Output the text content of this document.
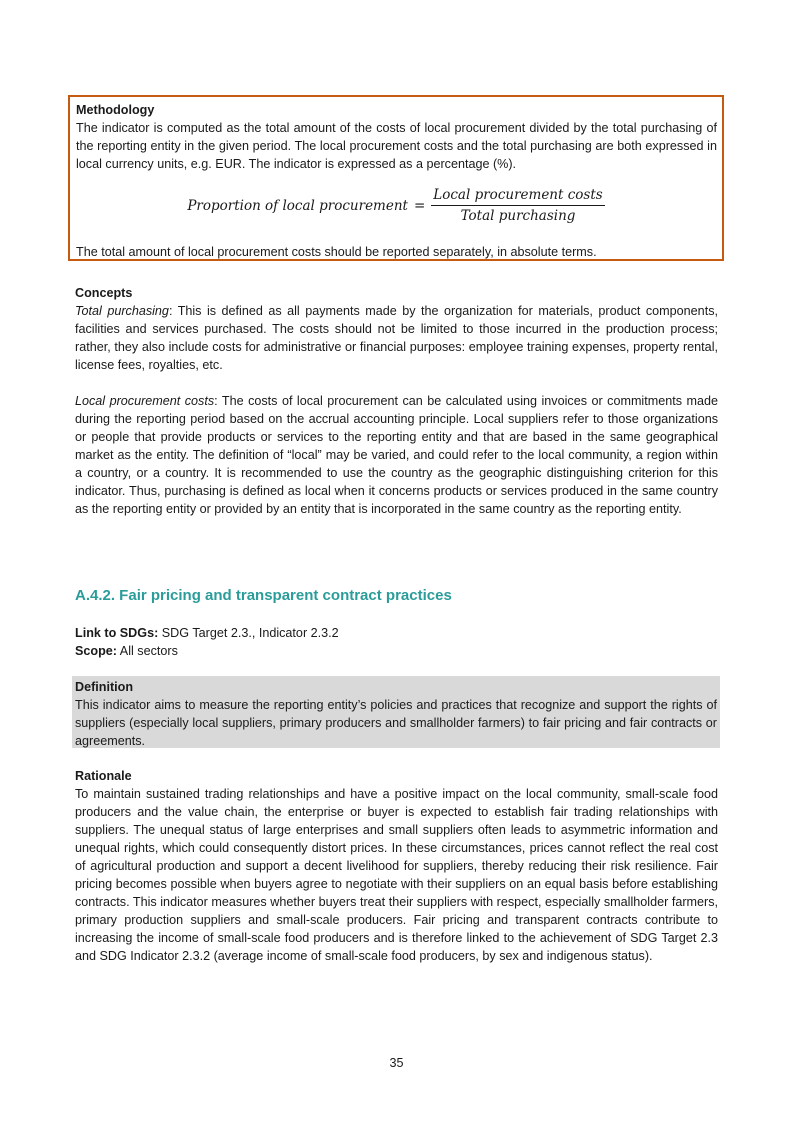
Methodology

The indicator is computed as the total amount of the costs of local procurement divided by the total purchasing of the reporting entity in the given period. The local procurement costs and the total purchasing are both expressed in local currency units, e.g. EUR. The indicator is expressed as a percentage (%).

Proportion of local procurement = $\frac{\text{Local procurement costs}}{\text{Total purchasing}}$

The total amount of local procurement costs should be reported separately, in absolute terms.

Concepts

Total purchasing: This is defined as all payments made by the organization for materials, product components, facilities and services purchased. The costs should not be limited to those incurred in the production process; rather, they also include costs for administrative or financial purposes: employee training expenses, property rental, license fees, royalties, etc.

Local procurement costs: The costs of local procurement can be calculated using invoices or commitments made during the reporting period based on the accrual accounting principle. Local suppliers refer to those organizations or people that provide products or services to the reporting entity and that are based in the same geographical market as the entity. The definition of “local” may be varied, and could refer to the local community, a region within a country, or a country. It is recommended to use the country as the geographic distinguishing criterion for this indicator. Thus, purchasing is defined as local when it concerns products or services produced in the same country as the reporting entity or provided by an entity that is incorporated in the same country as the reporting entity.

A.4.2. Fair pricing and transparent contract practices

Link to SDGs: SDG Target 2.3., Indicator 2.3.2

Scope: All sectors

Definition

This indicator aims to measure the reporting entity’s policies and practices that recognize and support the rights of suppliers (especially local suppliers, primary producers and smallholder farmers) to fair pricing and fair contracts or agreements.

Rationale

To maintain sustained trading relationships and have a positive impact on the local community, small-scale food producers and the value chain, the enterprise or buyer is expected to establish fair trading relationships with suppliers. The unequal status of large enterprises and small suppliers often leads to asymmetric information and unequal rights, which could consequently distort prices. In these circumstances, prices cannot reflect the real cost of agricultural production and support a decent livelihood for suppliers, thereby reducing their risk resilience. Fair pricing becomes possible when buyers agree to negotiate with their suppliers on an equal basis before establishing contracts. This indicator measures whether buyers treat their suppliers with respect, especially smallholder farmers, primary production suppliers and small-scale producers. Fair pricing and transparent contracts contribute to increasing the income of small-scale food producers and is therefore linked to the achievement of SDG Target 2.3 and SDG Indicator 2.3.2 (average income of small-scale food producers, by sex and indigenous status).

35
